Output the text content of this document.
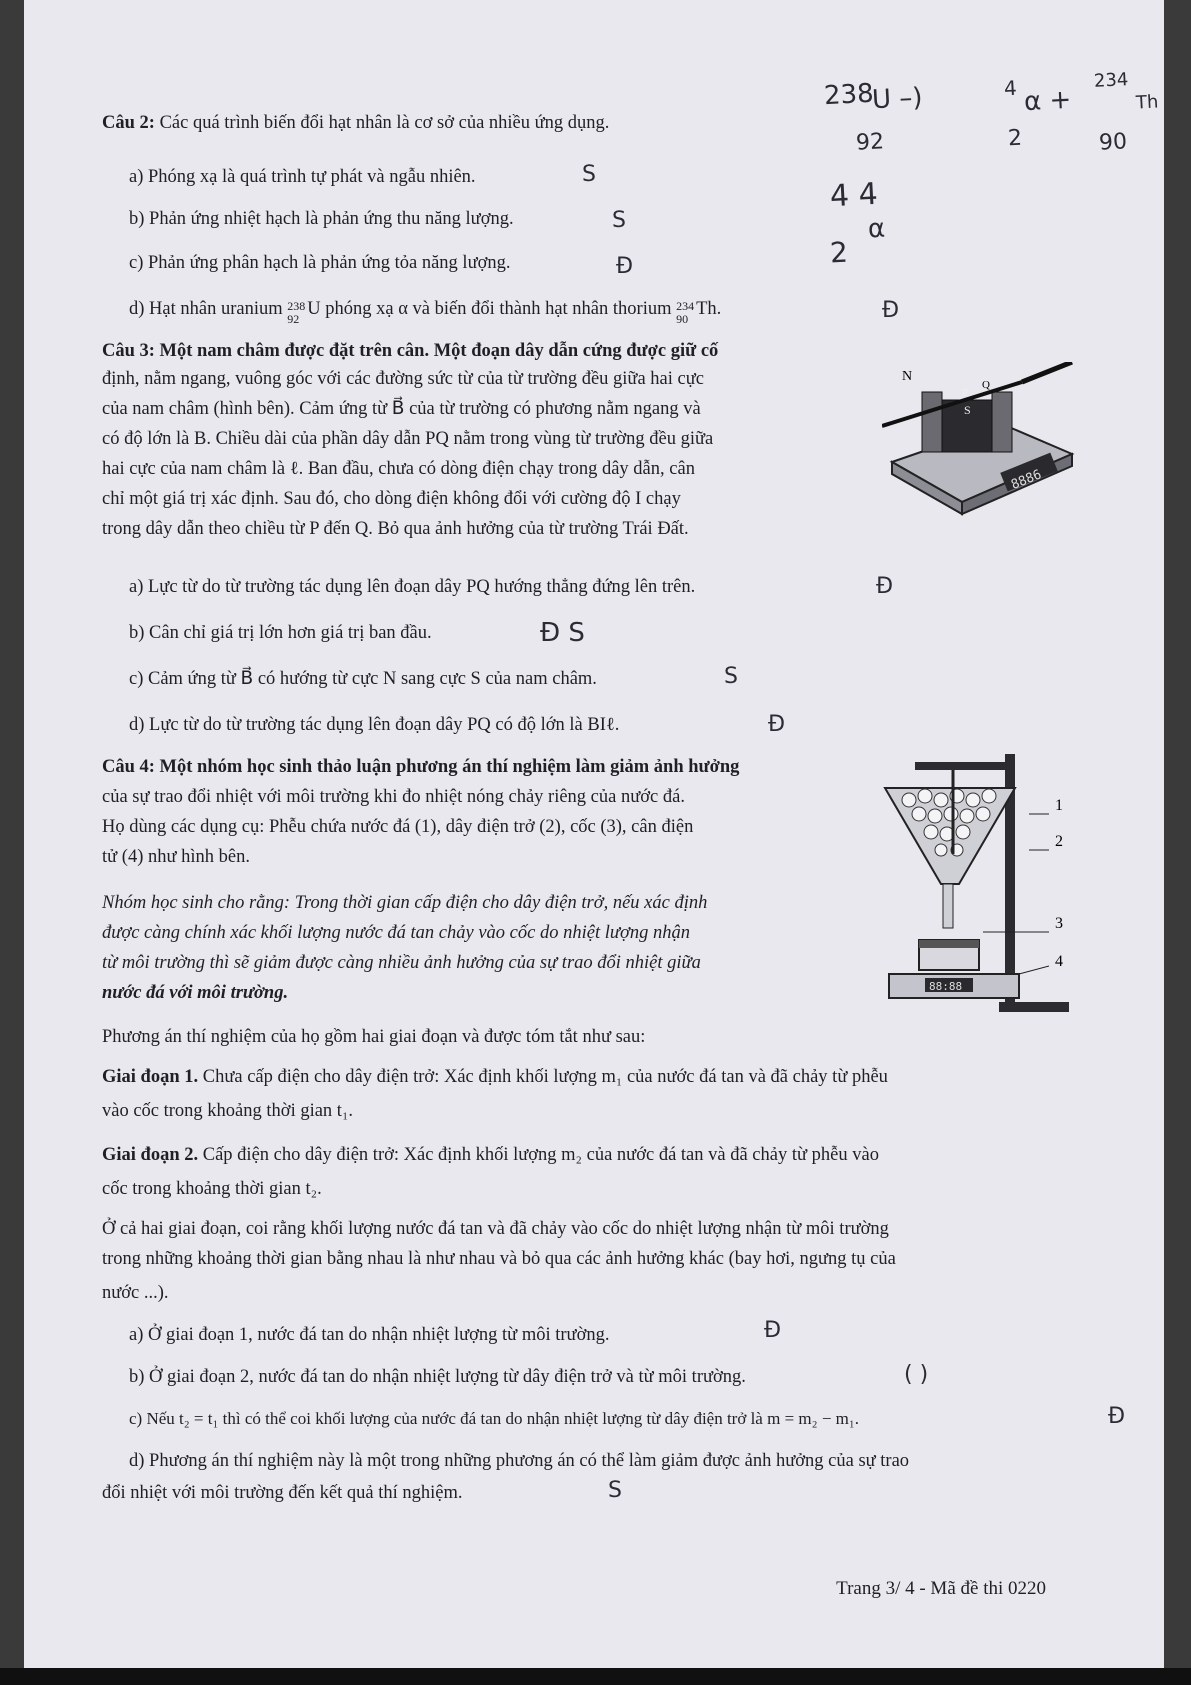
238
U –)	4 α +
234
Th
92	2	90
4 4
α
2
Câu 2: Các quá trình biến đổi hạt nhân là cơ sở của nhiều ứng dụng.
a) Phóng xạ là quá trình tự phát và ngẫu nhiên.	S
b) Phản ứng nhiệt hạch là phản ứng thu năng lượng.	S
c) Phản ứng phân hạch là phản ứng tỏa năng lượng.	Đ
d) Hạt nhân uranium 238
92 U phóng xạ α và biến đổi thành hạt nhân thorium 234
90 Th.	Đ
Câu 3: Một nam châm được đặt trên cân. Một đoạn dây dẫn cứng được giữ cố
định, nằm ngang, vuông góc với các đường sức từ của từ trường đều giữa hai cực
của nam châm (hình bên). Cảm ứng từ B⃗ của từ trường có phương nằm ngang và
có độ lớn là B. Chiều dài của phần dây dẫn PQ nằm trong vùng từ trường đều giữa
hai cực của nam châm là ℓ. Ban đầu, chưa có dòng điện chạy trong dây dẫn, cân
chỉ một giá trị xác định. Sau đó, cho dòng điện không đổi với cường độ I chạy
trong dây dẫn theo chiều từ P đến Q. Bỏ qua ảnh hưởng của từ trường Trái Đất.
N
P
Q
S
8886
a) Lực từ do từ trường tác dụng lên đoạn dây PQ hướng thẳng đứng lên trên.	Đ
b) Cân chỉ giá trị lớn hơn giá trị ban đầu.	Đ S
c) Cảm ứng từ B⃗ có hướng từ cực N sang cực S của nam châm.	S
d) Lực từ do từ trường tác dụng lên đoạn dây PQ có độ lớn là BIℓ.	Đ
Câu 4: Một nhóm học sinh thảo luận phương án thí nghiệm làm giảm ảnh hưởng
của sự trao đổi nhiệt với môi trường khi đo nhiệt nóng chảy riêng của nước đá.
Họ dùng các dụng cụ: Phễu chứa nước đá (1), dây điện trở (2), cốc (3), cân điện
tử (4) như hình bên.
Nhóm học sinh cho rằng: Trong thời gian cấp điện cho dây điện trở, nếu xác định
được càng chính xác khối lượng nước đá tan chảy vào cốc do nhiệt lượng nhận
từ môi trường thì sẽ giảm được càng nhiều ảnh hưởng của sự trao đổi nhiệt giữa
nước đá với môi trường.
Phương án thí nghiệm của họ gồm hai giai đoạn và được tóm tắt như sau:
88:88
1
2
3
4
Giai đoạn 1. Chưa cấp điện cho dây điện trở: Xác định khối lượng m₁ của nước đá tan và đã chảy từ phễu
vào cốc trong khoảng thời gian t₁.
Giai đoạn 2. Cấp điện cho dây điện trở: Xác định khối lượng m₂ của nước đá tan và đã chảy từ phễu vào
cốc trong khoảng thời gian t₂.
Ở cả hai giai đoạn, coi rằng khối lượng nước đá tan và đã chảy vào cốc do nhiệt lượng nhận từ môi trường
trong những khoảng thời gian bằng nhau là như nhau và bỏ qua các ảnh hưởng khác (bay hơi, ngưng tụ của
nước ...).
a) Ở giai đoạn 1, nước đá tan do nhận nhiệt lượng từ môi trường.	Đ
b) Ở giai đoạn 2, nước đá tan do nhận nhiệt lượng từ dây điện trở và từ môi trường.	( )
c) Nếu t₂ = t₁ thì có thể coi khối lượng của nước đá tan do nhận nhiệt lượng từ dây điện trở là m = m₂ − m₁.	Đ
d) Phương án thí nghiệm này là một trong những phương án có thể làm giảm được ảnh hưởng của sự trao
đổi nhiệt với môi trường đến kết quả thí nghiệm.	S
Trang 3/ 4 - Mã đề thi 0220
